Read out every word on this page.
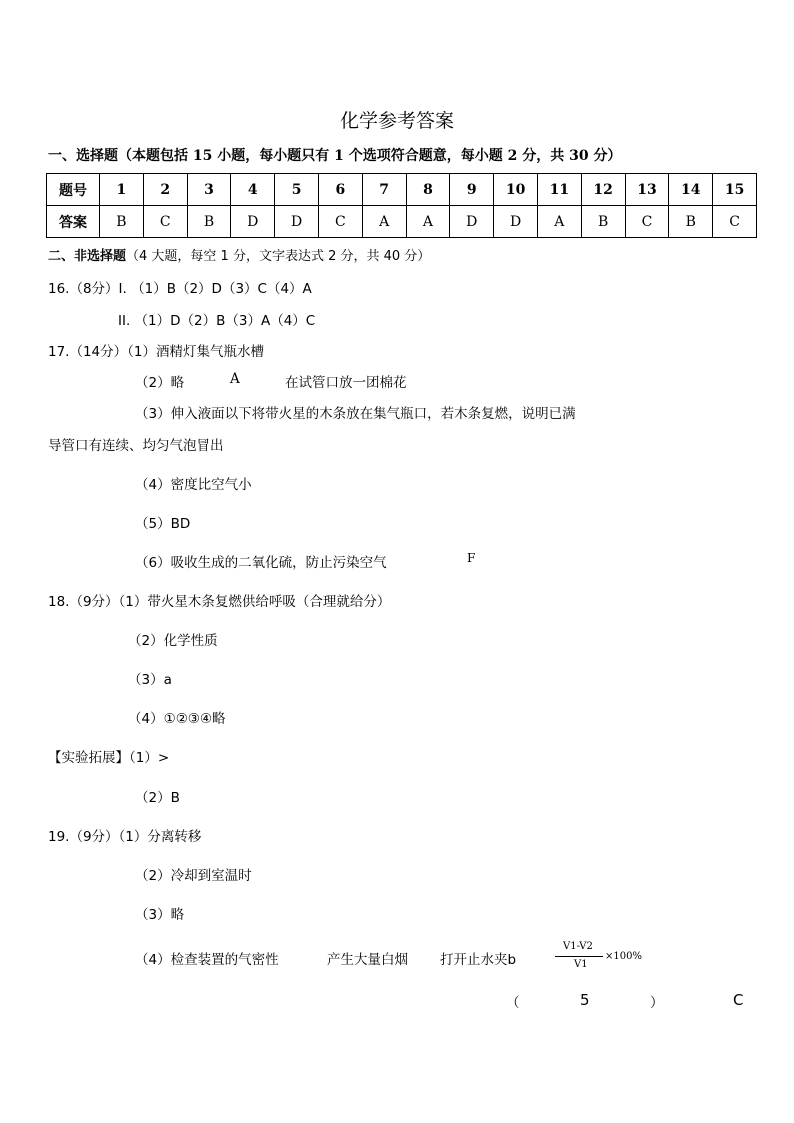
化学参考答案
一、选择题（本题包括 15 小题，每小题只有 1 个选项符合题意，每小题 2 分，共 30 分）
题号	1	2	3	4	5	6	7	8	9	10	11	12	13	14	15
答案	B	C	B	D	D	C	A	A	D	D	A	B	C	B	C
二、非选择题（4 大题，每空 1 分，文字表达式 2 分，共 40 分）
16.（8分）I. （1）B（2）D（3）C（4）A
II. （1）D（2）B（3）A（4）C
17.（14分）（1）酒精灯集气瓶水槽
（2）略	A	在试管口放一团棉花
（3）伸入液面以下将带火星的木条放在集气瓶口，若木条复燃，说明已满
导管口有连续、均匀气泡冒出
（4）密度比空气小
（5）BD
（6）吸收生成的二氧化硫，防止污染空气	F
18.（9分）（1）带火星木条复燃供给呼吸（合理就给分）
（2）化学性质
（3）a
（4）①②③④略
【实验拓展】（1）>
（2）B
19.（9分）（1）分离转移
（2）冷却到室温时
（3）略
（4）检查装置的气密性	产生大量白烟 打开止水夹b
V1-V2
V1
×100%
（	5	）	C
